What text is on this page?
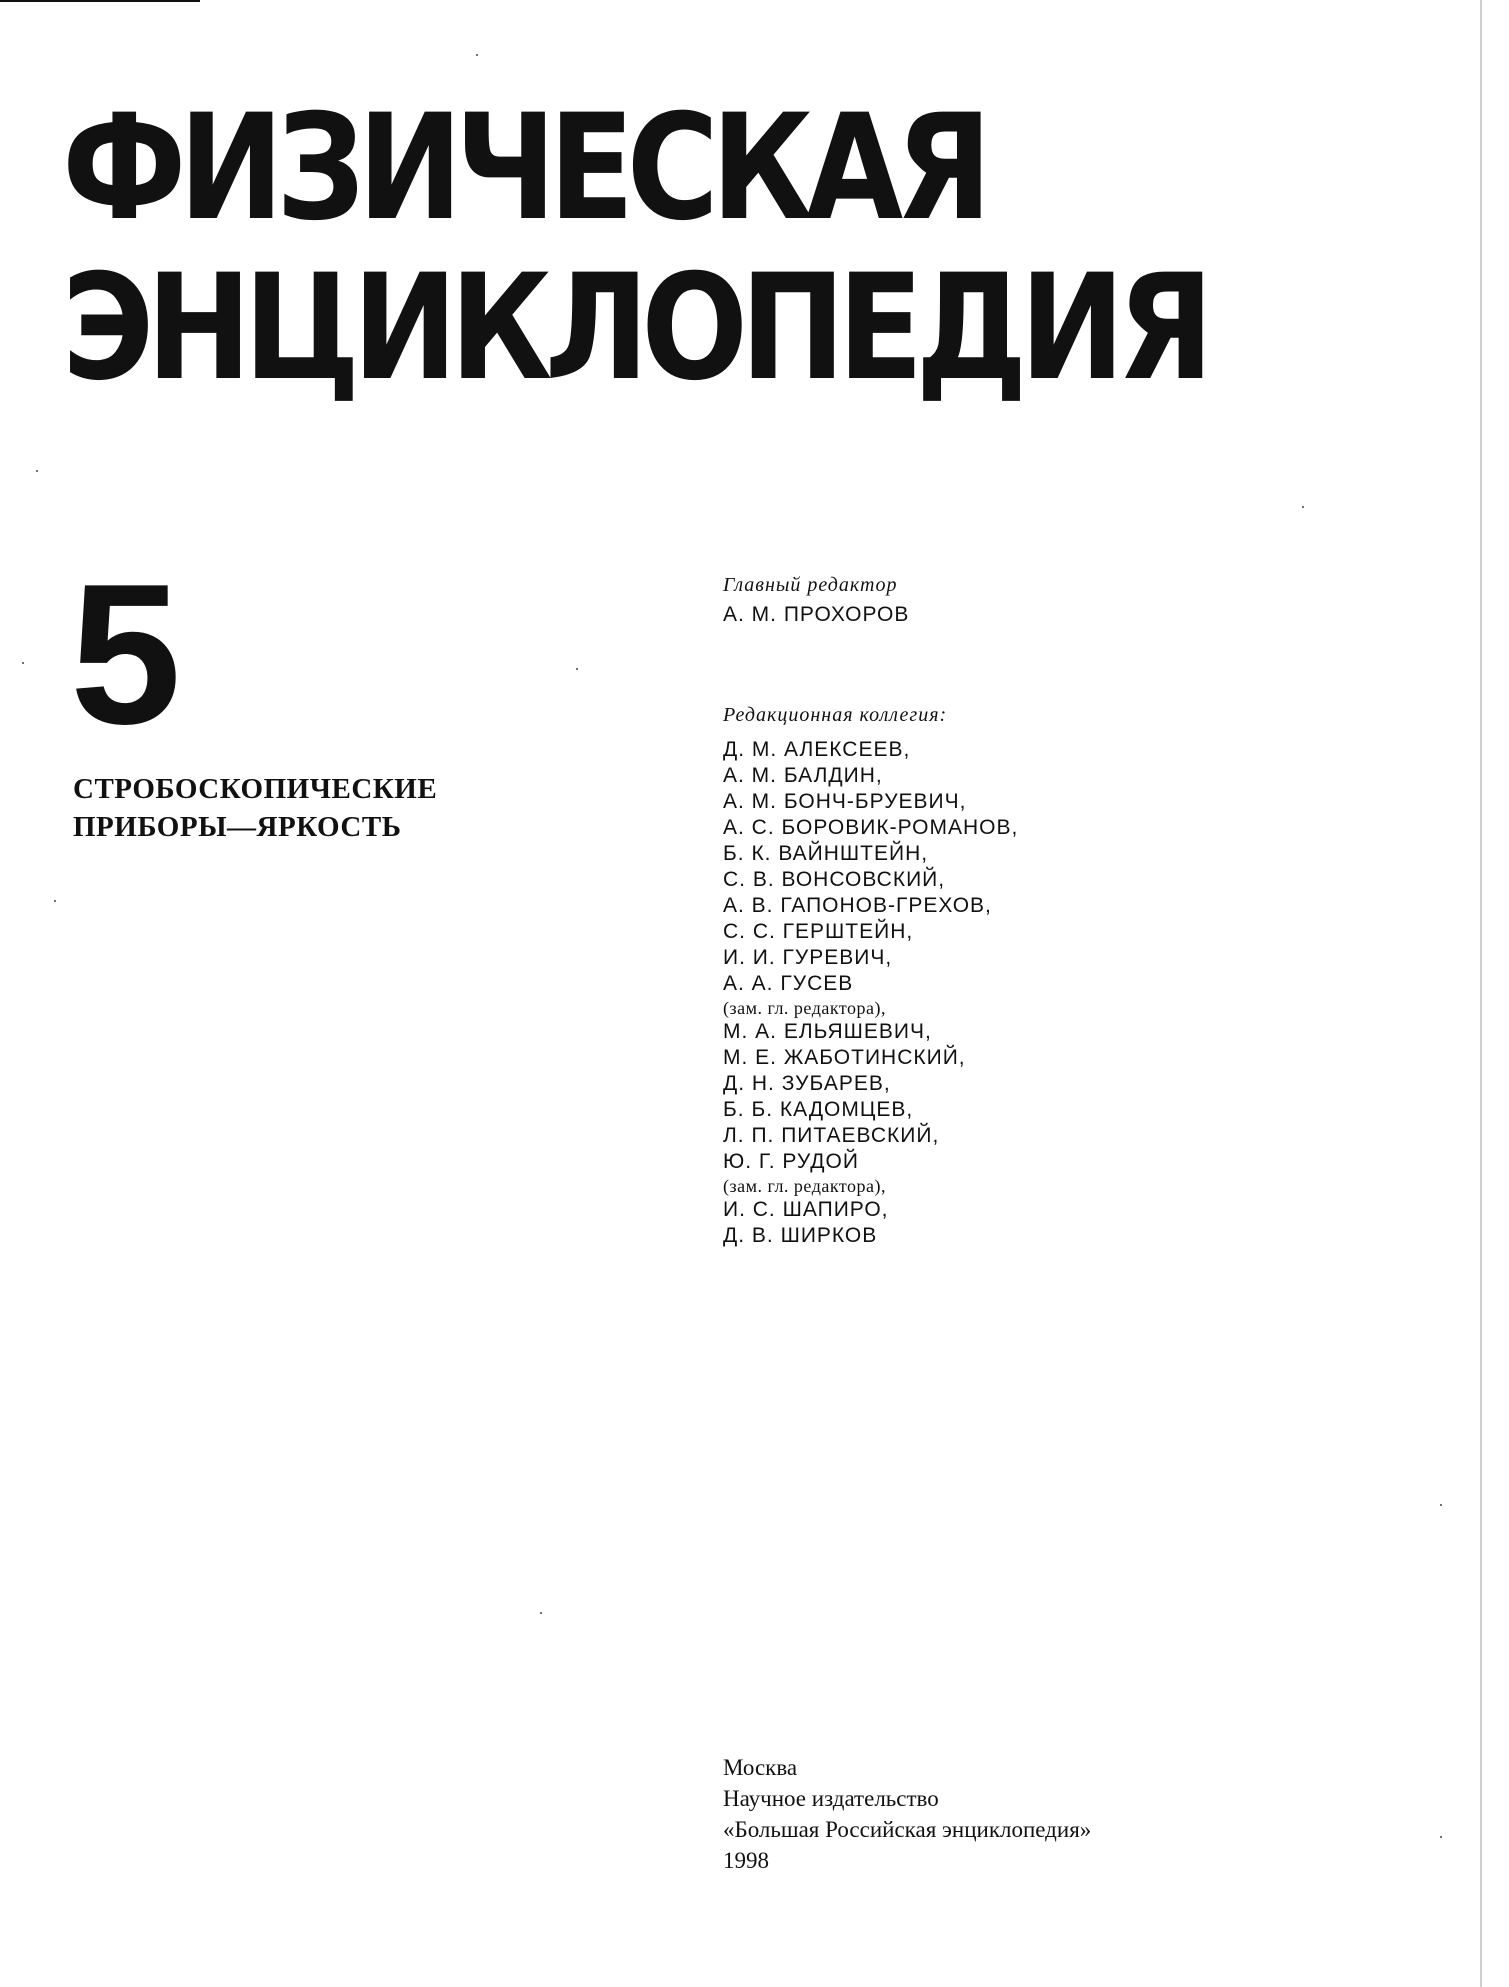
ФИЗИЧЕСКАЯ
ЭНЦИКЛОПЕДИЯ
5
СТРОБОСКОПИЧЕСКИЕ
ПРИБОРЫ—ЯРКОСТЬ
Главный редактор
А. М. ПРОХОРОВ
Редакционная коллегия:
Д. М. АЛЕКСЕЕВ,
А. М. БАЛДИН,
А. М. БОНЧ-БРУЕВИЧ,
А. С. БОРОВИК-РОМАНОВ,
Б. К. ВАЙНШТЕЙН,
С. В. ВОНСОВСКИЙ,
А. В. ГАПОНОВ-ГРЕХОВ,
С. С. ГЕРШТЕЙН,
И. И. ГУРЕВИЧ,
А. А. ГУСЕВ
(зам. гл. редактора),
М. А. ЕЛЬЯШЕВИЧ,
М. Е. ЖАБОТИНСКИЙ,
Д. Н. ЗУБАРЕВ,
Б. Б. КАДОМЦЕВ,
Л. П. ПИТАЕВСКИЙ,
Ю. Г. РУДОЙ
(зам. гл. редактора),
И. С. ШАПИРО,
Д. В. ШИРКОВ
Москва
Научное издательство
«Большая Российская энциклопедия»
1998
